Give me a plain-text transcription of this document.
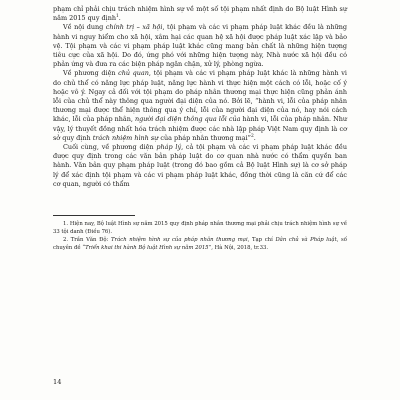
phạm chỉ phải chịu trách nhiệm hình sự về một số tội phạm nhất định do Bộ luật Hình sự năm 2015 quy định$^1$.

Về nội dung chính trị – xã hội, tội phạm và các vi phạm pháp luật khác đều là những hành vi nguy hiểm cho xã hội, xâm hại các quan hệ xã hội được pháp luật xác lập và bảo vệ. Tội phạm và các vi phạm pháp luật khác cũng mang bản chất là những hiện tượng tiêu cực của xã hội. Do đó, ứng phó với những hiện tượng này, Nhà nước xã hội đều có phản ứng và đưa ra các biện pháp ngăn chặn, xử lý, phòng ngừa.

Về phương diện chủ quan, tội phạm và các vi phạm pháp luật khác là những hành vi do chủ thể có năng lực pháp luật, năng lực hành vi thực hiện một cách có lỗi, hoặc cố ý hoặc vô ý. Ngay cả đối với tội phạm do pháp nhân thương mại thực hiện cũng phản ánh lỗi của chủ thể này thông qua người đại diện của nó. Bởi lẽ, “hành vi, lỗi của pháp nhân thương mại được thể hiện thông qua ý chí, lỗi của người đại diện của nó, hay nói cách khác, lỗi của pháp nhân, người đại diện thông qua lỗi của hành vi, lỗi của pháp nhân. Như vậy, lý thuyết đồng nhất hóa trách nhiệm được các nhà lập pháp Việt Nam quy định là cơ sở quy định trách nhiệm hình sự của pháp nhân thương mại”$^2$.

Cuối cùng, về phương diện pháp lý, cả tội phạm và các vi phạm pháp luật khác đều được quy định trong các văn bản pháp luật do cơ quan nhà nước có thẩm quyền ban hành. Văn bản quy phạm pháp luật (trong đó bao gồm cả Bộ luật Hình sự) là cơ sở pháp lý để xác định tội phạm và các vi phạm pháp luật khác, đồng thời cũng là căn cứ để các cơ quan, người có thẩm

1. Hiện nay, Bộ luật Hình sự năm 2015 quy định pháp nhân thương mại phải chịu trách nhiệm hình sự về 33 tội danh (Điều 76).

2. Trần Văn Độ: Trách nhiệm hình sự của pháp nhân thương mại, Tạp chí Dân chủ và Pháp luật, số chuyên đề “Triển khai thi hành Bộ luật Hình sự năm 2015”, Hà Nội, 2018, tr.33.

14
